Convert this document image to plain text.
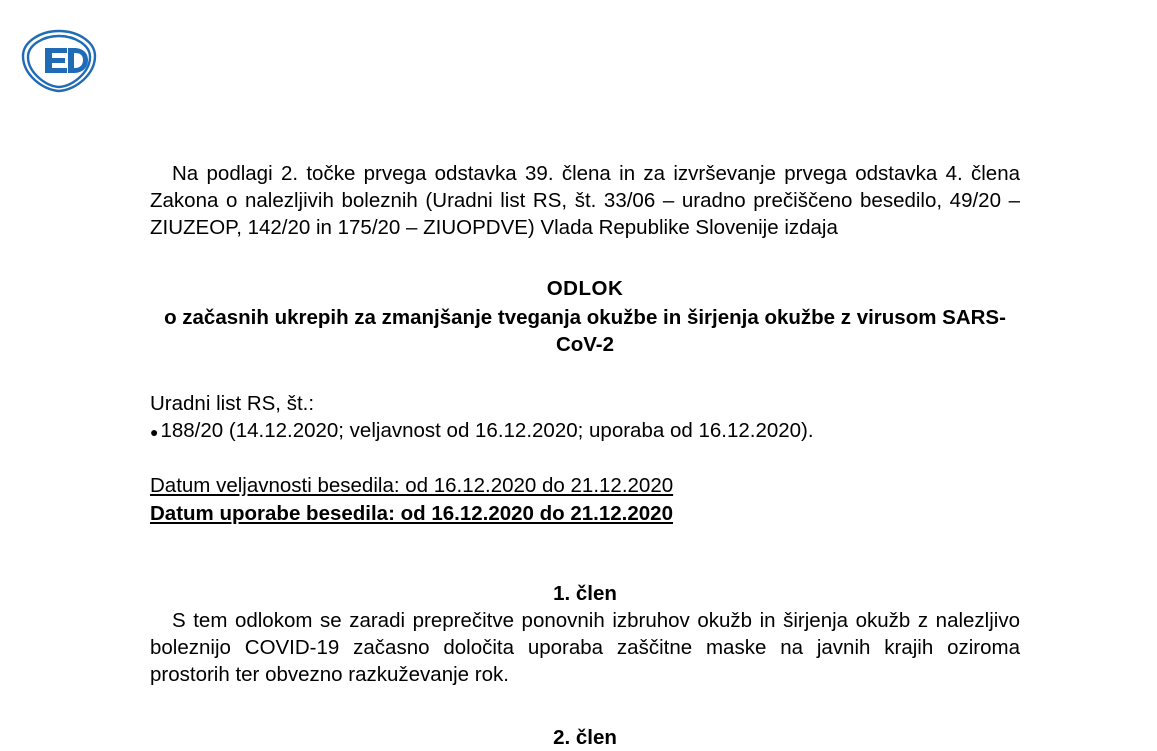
Na podlagi 2. točke prvega odstavka 39. člena in za izvrševanje prvega odstavka 4. člena Zakona o nalezljivih boleznih (Uradni list RS, št. 33/06 – uradno prečiščeno besedilo, 49/20 – ZIUZEOP, 142/20 in 175/20 – ZIUOPDVE) Vlada Republike Slovenije izdaja

ODLOK
o začasnih ukrepih za zmanjšanje tveganja okužbe in širjenja okužbe z virusom SARS-CoV-2
Uradni list RS, št.:
● 188/20 (14.12.2020; veljavnost od 16.12.2020; uporaba od 16.12.2020).
Datum veljavnosti besedila: od 16.12.2020 do 21.12.2020
Datum uporabe besedila: od 16.12.2020 do 21.12.2020
1. člen

S tem odlokom se zaradi preprečitve ponovnih izbruhov okužb in širjenja okužb z nalezljivo boleznijo COVID-19 začasno določita uporaba zaščitne maske na javnih krajih oziroma prostorih ter obvezno razkuževanje rok.

2. člen
